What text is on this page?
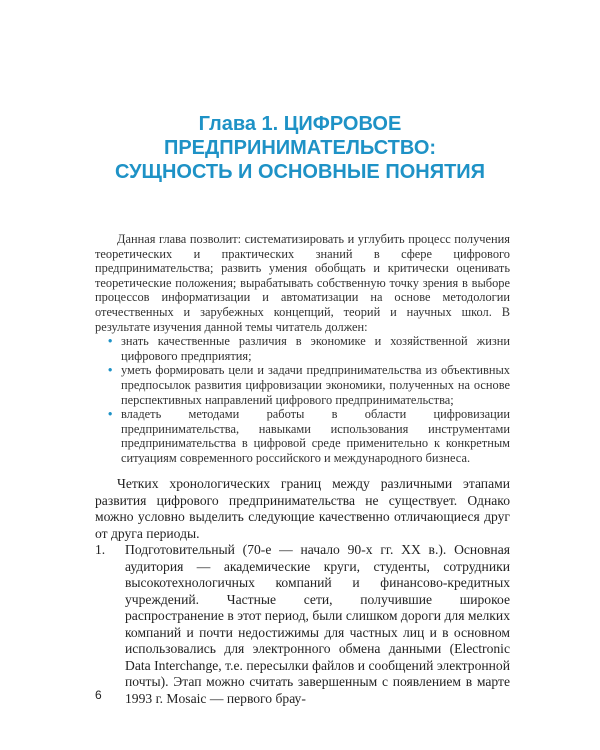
Глава 1. ЦИФРОВОЕ
ПРЕДПРИНИМАТЕЛЬСТВО:
СУЩНОСТЬ И ОСНОВНЫЕ ПОНЯТИЯ

Данная глава позволит: систематизировать и углубить процесс получения теоретических и практических знаний в сфере цифрового предпринимательства; развить умения обобщать и критически оценивать теоретические положения; вырабатывать собственную точку зрения в выборе процессов информатизации и автоматизации на основе методологии отечественных и зарубежных концепций, теорий и научных школ. В результате изучения данной темы читатель должен:

• знать качественные различия в экономике и хозяйственной жизни цифрового предприятия;
• уметь формировать цели и задачи предпринимательства из объективных предпосылок развития цифровизации экономики, полученных на основе перспективных направлений цифрового предпринимательства;
• владеть методами работы в области цифровизации предпринимательства, навыками использования инструментами предпринимательства в цифровой среде применительно к конкретным ситуациям современного российского и международного бизнеса.

Четких хронологических границ между различными этапами развития цифрового предпринимательства не существует. Однако можно условно выделить следующие качественно отличающиеся друг от друга периоды.

1. Подготовительный (70-е — начало 90-х гг. XX в.). Основная аудитория — академические круги, студенты, сотрудники высокотехнологичных компаний и финансово-кредитных учреждений. Частные сети, получившие широкое распространение в этот период, были слишком дороги для мелких компаний и почти недостижимы для частных лиц и в основном использовались для электронного обмена данными (Electronic Data Interchange, т.е. пересылки файлов и сообщений электронной почты). Этап можно считать завершенным с появлением в марте 1993 г. Mosaic — первого брау-
6
